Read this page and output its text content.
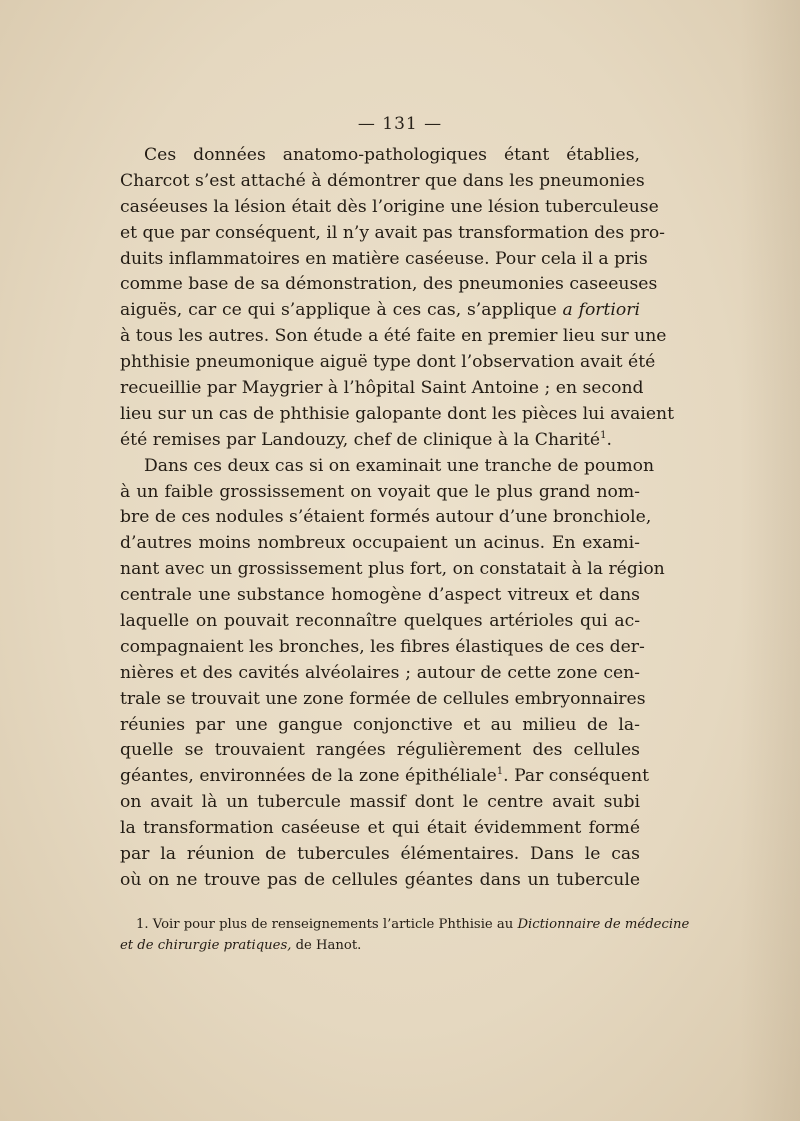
— 131 —
Ces données anatomo-pathologiques étant établies,
Charcot s’est attaché à démontrer que dans les pneumonies
caséeuses la lésion était dès l’origine une lésion tuberculeuse
et que par conséquent, il n’y avait pas transformation des pro-
duits inflammatoires en matière caséeuse. Pour cela il a pris
comme base de sa démonstration, des pneumonies caseeuses
aiguës, car ce qui s’applique à ces cas, s’applique a fortiori
à tous les autres. Son étude a été faite en premier lieu sur une
phthisie pneumonique aiguë type dont l’observation avait été
recueillie par Maygrier à l’hôpital Saint Antoine ; en second
lieu sur un cas de phthisie galopante dont les pièces lui avaient
été remises par Landouzy, chef de clinique à la Charité$^1$.
Dans ces deux cas si on examinait une tranche de poumon
à un faible grossissement on voyait que le plus grand nom-
bre de ces nodules s’étaient formés autour d’une bronchiole,
d’autres moins nombreux occupaient un acinus. En exami-
nant avec un grossissement plus fort, on constatait à la région
centrale une substance homogène d’aspect vitreux et dans
laquelle on pouvait reconnaître quelques artérioles qui ac-
compagnaient les bronches, les fibres élastiques de ces der-
nières et des cavités alvéolaires ; autour de cette zone cen-
trale se trouvait une zone formée de cellules embryonnaires
réunies par une gangue conjonctive et au milieu de la-
quelle se trouvaient rangées régulièrement des cellules
géantes, environnées de la zone épithéliale$^1$. Par conséquent
on avait là un tubercule massif dont le centre avait subi
la transformation caséeuse et qui était évidemment formé
par la réunion de tubercules élémentaires. Dans le cas
où on ne trouve pas de cellules géantes dans un tubercule
1. Voir pour plus de renseignements l’article Phthisie au Dictionnaire de médecine
et de chirurgie pratiques, de Hanot.
